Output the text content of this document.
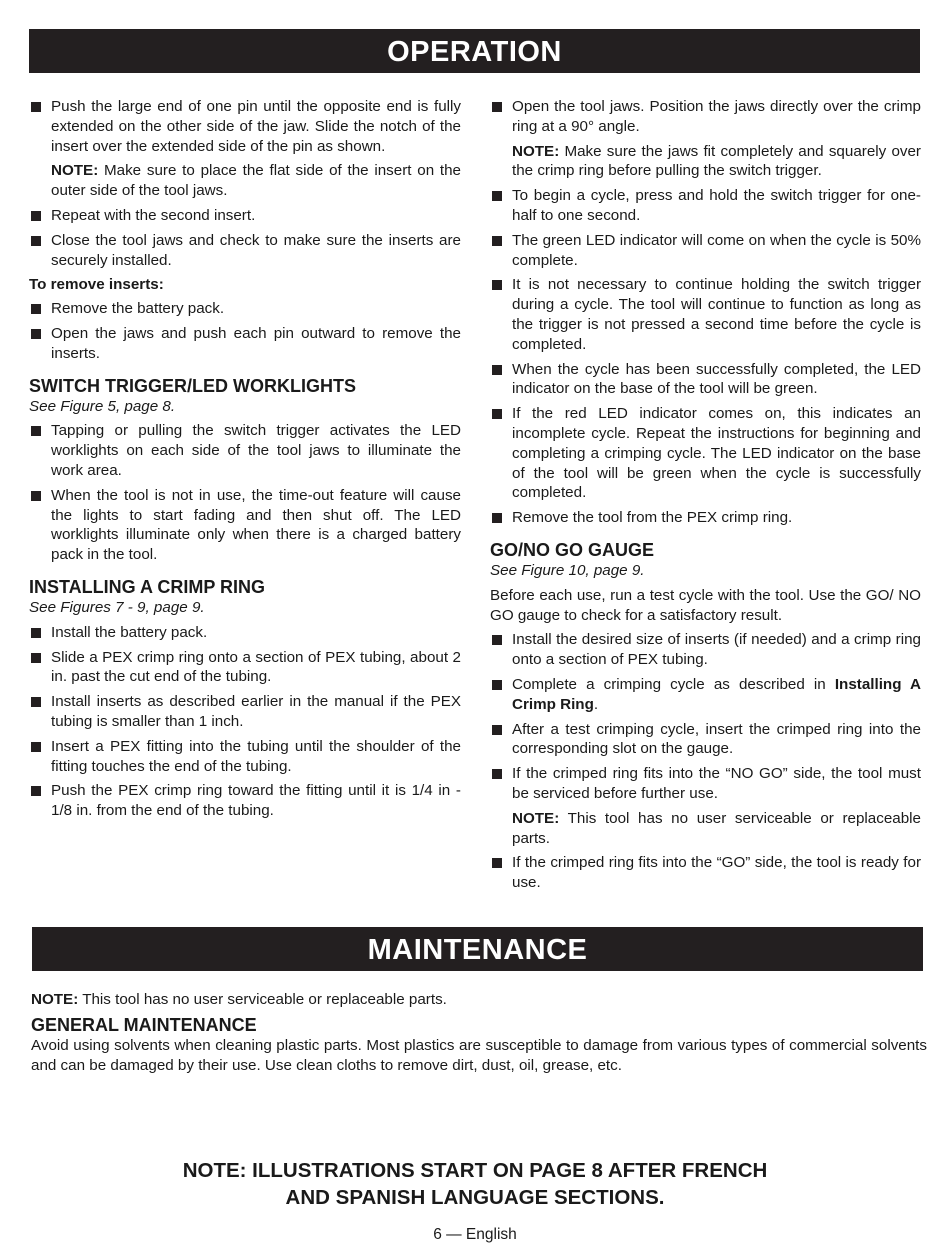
OPERATION
Push the large end of one pin until the opposite end is fully extended on the other side of the jaw. Slide the notch of the insert over the extended side of the pin as shown.
NOTE: Make sure to place the flat side of the insert on the outer side of the tool jaws.
Repeat with the second insert.
Close the tool jaws and check to make sure the inserts are securely installed.
To remove inserts:
Remove the battery pack.
Open the jaws and push each pin outward to remove the inserts.
SWITCH TRIGGER/LED WORKLIGHTS
See Figure 5, page 8.
Tapping or pulling the switch trigger activates the LED worklights on each side of the tool jaws to illuminate the work area.
When the tool is not in use, the time-out feature will cause the lights to start fading and then shut off. The LED worklights illuminate only when there is a charged battery pack in the tool.
INSTALLING A CRIMP RING
See Figures 7 - 9, page 9.
Install the battery pack.
Slide a PEX crimp ring onto a section of PEX tubing, about 2 in. past the cut end of the tubing.
Install inserts as described earlier in the manual if the PEX tubing is smaller than 1 inch.
Insert a PEX fitting into the tubing until the shoulder of the fitting touches the end of the tubing.
Push the PEX crimp ring toward the fitting until it is 1/4 in - 1/8 in. from the end of the tubing.
Open the tool jaws. Position the jaws directly over the crimp ring at a 90° angle.
NOTE: Make sure the jaws fit completely and squarely over the crimp ring before pulling the switch trigger.
To begin a cycle, press and hold the switch trigger for one-half to one second.
The green LED indicator will come on when the cycle is 50% complete.
It is not necessary to continue holding the switch trigger during a cycle. The tool will continue to function as long as the trigger is not pressed a second time before the cycle is completed.
When the cycle has been successfully completed, the LED indicator on the base of the tool will be green.
If the red LED indicator comes on, this indicates an incomplete cycle. Repeat the instructions for beginning and completing a crimping cycle. The LED indicator on the base of the tool will be green when the cycle is successfully completed.
Remove the tool from the PEX crimp ring.
GO/NO GO GAUGE
See Figure 10, page 9.
Before each use, run a test cycle with the tool. Use the GO/ NO GO gauge to check for a satisfactory result.
Install the desired size of inserts (if needed) and a crimp ring onto a section of PEX tubing.
Complete a crimping cycle as described in Installing A Crimp Ring.
After a test crimping cycle, insert the crimped ring into the corresponding slot on the gauge.
If the crimped ring fits into the “NO GO” side, the tool must be serviced before further use.
NOTE: This tool has no user serviceable or replaceable parts.
If the crimped ring fits into the “GO” side, the tool is ready for use.
MAINTENANCE
NOTE: This tool has no user serviceable or replaceable parts.
GENERAL MAINTENANCE
Avoid using solvents when cleaning plastic parts. Most plastics are susceptible to damage from various types of commercial solvents and can be damaged by their use. Use clean cloths to remove dirt, dust, oil, grease, etc.
NOTE: ILLUSTRATIONS START ON PAGE 8 AFTER FRENCH
AND SPANISH LANGUAGE SECTIONS.
6 — English
